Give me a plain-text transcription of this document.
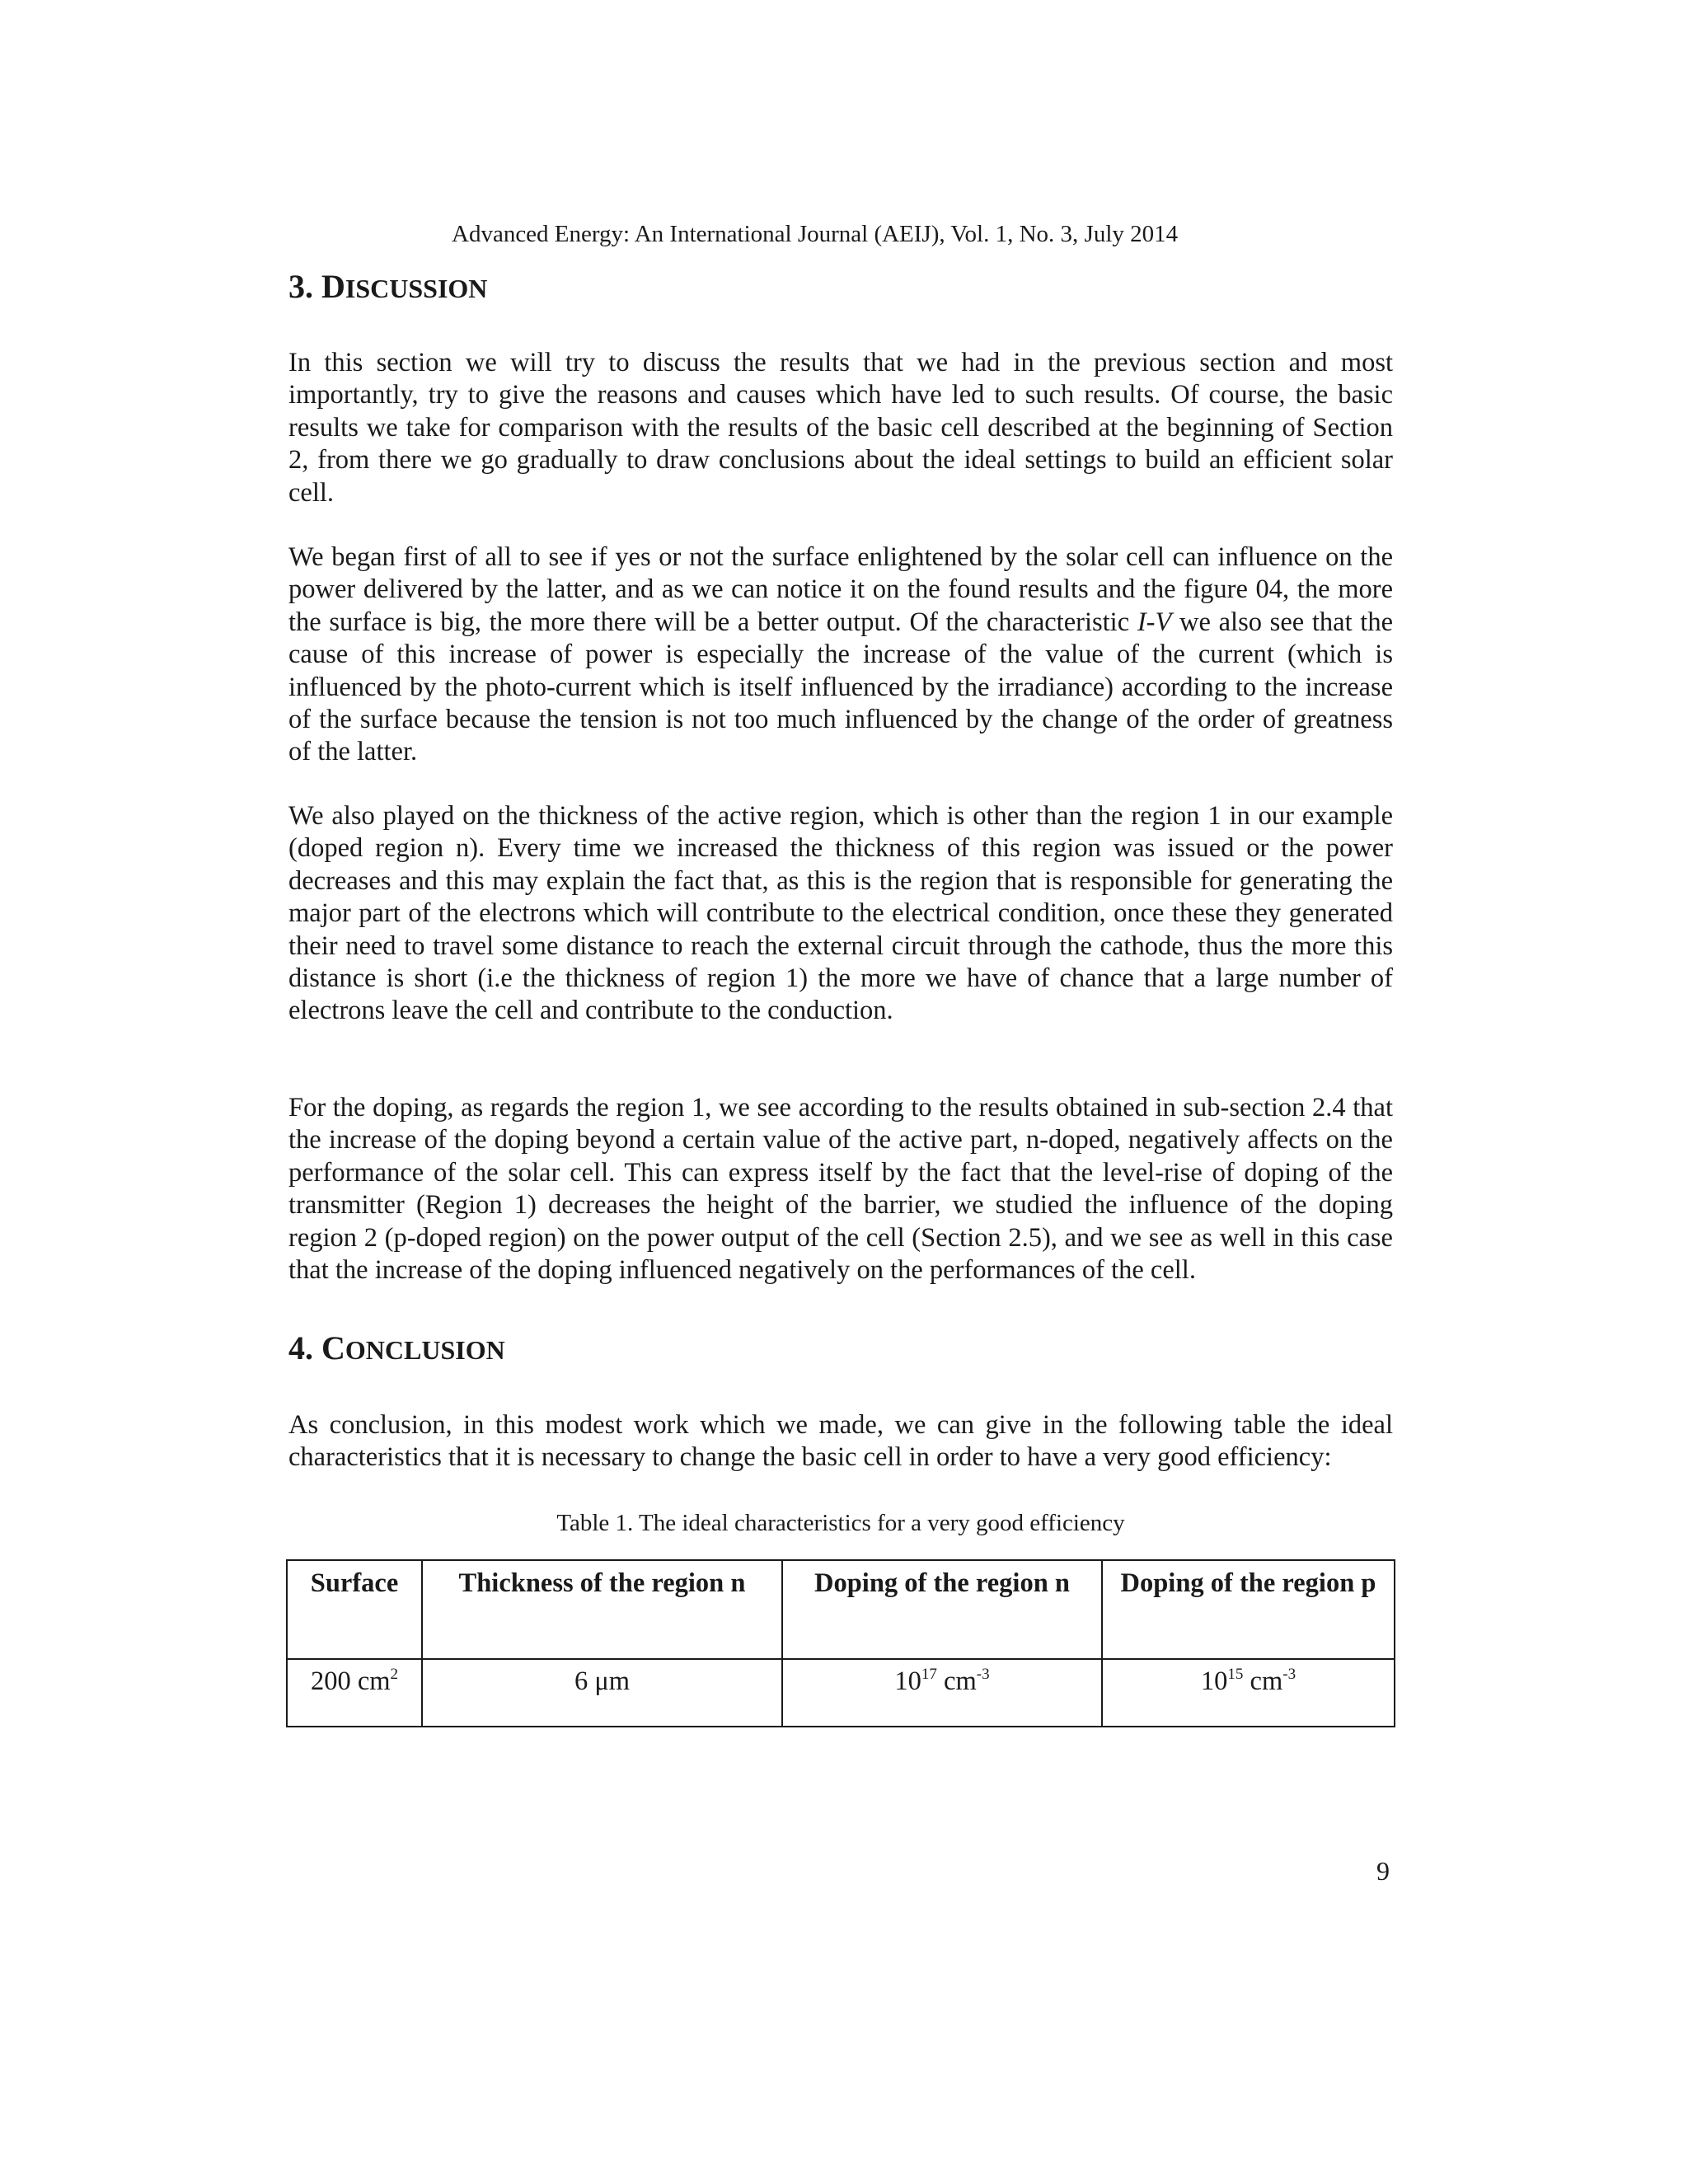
Advanced Energy: An International Journal (AEIJ), Vol. 1, No. 3, July 2014
3. DISCUSSION

In this section we will try to discuss the results that we had in the previous section and most importantly, try to give the reasons and causes which have led to such results. Of course, the basic results we take for comparison with the results of the basic cell described at the beginning of Section 2, from there we go gradually to draw conclusions about the ideal settings to build an efficient solar cell.

We began first of all to see if yes or not the surface enlightened by the solar cell can influence on the power delivered by the latter, and as we can notice it on the found results and the figure 04, the more the surface is big, the more there will be a better output. Of the characteristic I-V we also see that the cause of this increase of power is especially the increase of the value of the current (which is influenced by the photo-current which is itself influenced by the irradiance) according to the increase of the surface because the tension is not too much influenced by the change of the order of greatness of the latter.

We also played on the thickness of the active region, which is other than the region 1 in our example (doped region n). Every time we increased the thickness of this region was issued or the power decreases and this may explain the fact that, as this is the region that is responsible for generating the major part of the electrons which will contribute to the electrical condition, once these they generated their need to travel some distance to reach the external circuit through the cathode, thus the more this distance is short (i.e the thickness of region 1) the more we have of chance that a large number of electrons leave the cell and contribute to the conduction.

For the doping, as regards the region 1, we see according to the results obtained in sub-section 2.4 that the increase of the doping beyond a certain value of the active part, n-doped, negatively affects on the performance of the solar cell. This can express itself by the fact that the level-rise of doping of the transmitter (Region 1) decreases the height of the barrier, we studied the influence of the doping region 2 (p-doped region) on the power output of the cell (Section 2.5), and we see as well in this case that the increase of the doping influenced negatively on the performances of the cell.

4. CONCLUSION

As conclusion, in this modest work which we made, we can give in the following table the ideal characteristics that it is necessary to change the basic cell in order to have a very good efficiency:

Table 1. The ideal characteristics for a very good efficiency
Surface	Thickness of the region n	Doping of the region n	Doping of the region p
200 $cm^2$	6 μm	$10^{17}$ $cm^{-3}$	$10^{15}$ $cm^{-3}$
9
